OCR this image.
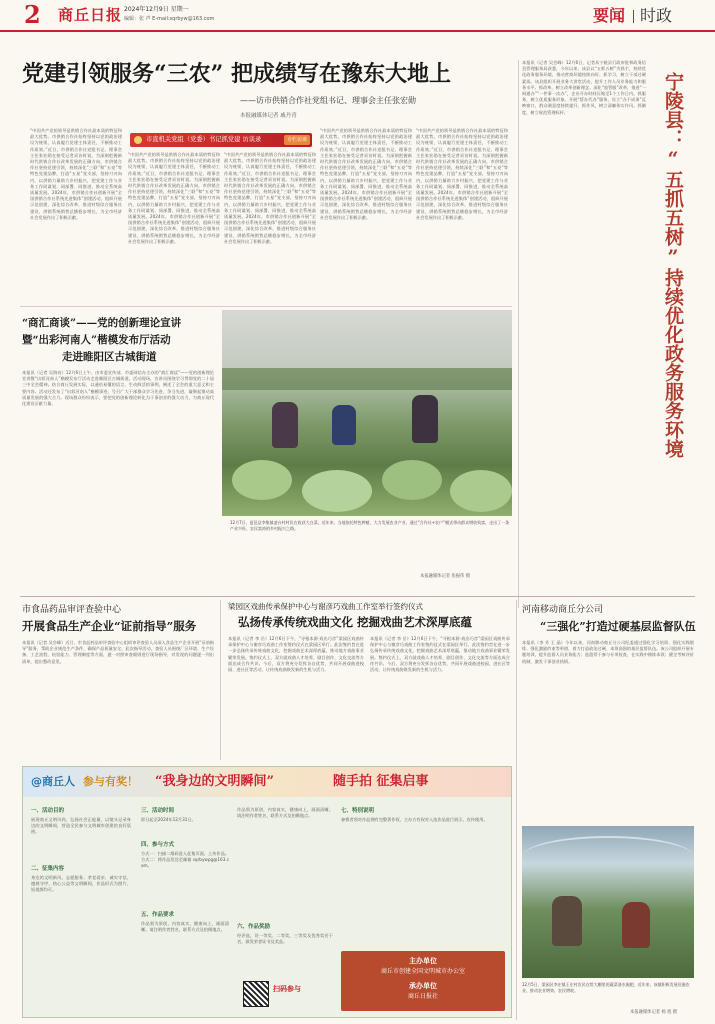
2 商丘日报 2024年12月9日 星期一
编辑：张 声 E-mail:sqrbyw@163.com	要闻 时政
党建引领服务“三农” 把成绩写在豫东大地上
——访市供销合作社党组书记、理事会主任张宏勋
本报融媒体记者 戚丹青
市直机关党组（党委）书记抓党建 访谈录	专栏访谈
“中国共产党的领导是供销合作社最本质的特征和最大优势。市供销合作社始终坚持以党的政治建设为统领，认真履行党建主体责任，不断推动工作质效。”近日，市供销合作社党组书记、理事会主任张宏勋在接受记者采访时说。为深刻把握新时代供销合作社改革发展的正确方向，市供销合作社坚持党建引领，持续深化“三联”和“五亮”等特色党建品牌，打造“五星”党支部，坚持刀刃向内，以供销力量助力乡村振兴，把党建工作与业务工作同谋划、同部署、同推进，推动全系统高质量发展。2024年，市供销合作社创新开展“全国供销合作社系统先进集体”创建活动，组织开展示范创建，深化综合改革，推进村级综合服务社建设，供销系统销售总额稳步增长，为全市经济社会发展作出了积极贡献。
“中国共产党的领导是供销合作社最本质的特征和最大优势。市供销合作社始终坚持以党的政治建设为统领，认真履行党建主体责任，不断推动工作质效。”近日，市供销合作社党组书记、理事会主任张宏勋在接受记者采访时说。为深刻把握新时代供销合作社改革发展的正确方向，市供销合作社坚持党建引领，持续深化“三联”和“五亮”等特色党建品牌，打造“五星”党支部，坚持刀刃向内，以供销力量助力乡村振兴，把党建工作与业务工作同谋划、同部署、同推进，推动全系统高质量发展。2024年，市供销合作社创新开展“全国供销合作社系统先进集体”创建活动，组织开展示范创建，深化综合改革，推进村级综合服务社建设，供销系统销售总额稳步增长，为全市经济社会发展作出了积极贡献。
“中国共产党的领导是供销合作社最本质的特征和最大优势。市供销合作社始终坚持以党的政治建设为统领，认真履行党建主体责任，不断推动工作质效。”近日，市供销合作社党组书记、理事会主任张宏勋在接受记者采访时说。为深刻把握新时代供销合作社改革发展的正确方向，市供销合作社坚持党建引领，持续深化“三联”和“五亮”等特色党建品牌，打造“五星”党支部，坚持刀刃向内，以供销力量助力乡村振兴，把党建工作与业务工作同谋划、同部署、同推进，推动全系统高质量发展。2024年，市供销合作社创新开展“全国供销合作社系统先进集体”创建活动，组织开展示范创建，深化综合改革，推进村级综合服务社建设，供销系统销售总额稳步增长，为全市经济社会发展作出了积极贡献。
“中国共产党的领导是供销合作社最本质的特征和最大优势。市供销合作社始终坚持以党的政治建设为统领，认真履行党建主体责任，不断推动工作质效。”近日，市供销合作社党组书记、理事会主任张宏勋在接受记者采访时说。为深刻把握新时代供销合作社改革发展的正确方向，市供销合作社坚持党建引领，持续深化“三联”和“五亮”等特色党建品牌，打造“五星”党支部，坚持刀刃向内，以供销力量助力乡村振兴，把党建工作与业务工作同谋划、同部署、同推进，推动全系统高质量发展。2024年，市供销合作社创新开展“全国供销合作社系统先进集体”创建活动，组织开展示范创建，深化综合改革，推进村级综合服务社建设，供销系统销售总额稳步增长，为全市经济社会发展作出了积极贡献。
“中国共产党的领导是供销合作社最本质的特征和最大优势。市供销合作社始终坚持以党的政治建设为统领，认真履行党建主体责任，不断推动工作质效。”近日，市供销合作社党组书记、理事会主任张宏勋在接受记者采访时说。为深刻把握新时代供销合作社改革发展的正确方向，市供销合作社坚持党建引领，持续深化“三联”和“五亮”等特色党建品牌，打造“五星”党支部，坚持刀刃向内，以供销力量助力乡村振兴，把党建工作与业务工作同谋划、同部署、同推进，推动全系统高质量发展。2024年，市供销合作社创新开展“全国供销合作社系统先进集体”创建活动，组织开展示范创建，深化综合改革，推进村级综合服务社建设，供销系统销售总额稳步增长，为全市经济社会发展作出了积极贡献。
本报讯（记者 吴会峰）12月6日，记者从宁陵县行政审批和政务信息管理服务局获悉，今年以来，该县以“五抓五树”为抓手，持续优化政务服务环境，推动营商环境持续向好。抓学习，树立干部过硬素质。该县组织开展业务大讲堂活动，提升工作人员业务能力和服务水平。抓改革，树立改革创新理念。深化“放管服”改革，推进“一网通办”“一件事一次办”，企业开办时间压缩至1个工作日内。抓服务，树立优质服务形象。开展“帮办代办”服务，设立“办不成事”反映窗口，群众满意度持续提升。抓作风，树立清廉务实作风。抓制度，树立规范管理标杆。	宁陵县：“五抓五树”持续优化政务服务环境
“商汇商谈”——党的创新理论宣讲
暨“出彩河南人”楷模发布厅活动
走进睢阳区古城街道
本报讯（记者 吴海亮）12月6日上午，由市委宣传部、市委网信办主办的“商汇商谈”——党的创新理论宣讲暨“出彩河南人”楷模发布厅活动走进睢阳区古城街道。活动现场，宣讲员围绕学习贯彻党的二十届三中全会精神，结合商丘发展实际，以通俗易懂的语言、生动鲜活的事例，阐述了全会的重大意义和主要内容。活动还发布了“出彩河南人”楷模事迹，号召广大干部群众学习先进、争当先进，凝聚起推动高质量发展的强大合力。现场群众纷纷表示，要把党的创新理论转化为干事创业的强大动力，为商丘现代化建设贡献力量。
12月7日，夏邑县李集镇凌台村村民在收获大白菜。近年来，当地依托特色种植，大力发展农业产业，通过“合作社+农户”模式带动群众增收致富，走出了一条产业兴旺、农民富裕的乡村振兴之路。
本报融媒体记者 张振伟 摄
市食品药品审评查验中心
开展食品生产企业“证前指导”服务
本报讯（记者 吴会峰）近日，市食品药品审评查验中心组织审评查验人员深入食品生产企业开展“证前指导”服务，帮助企业规范生产条件，确保产品质量安全。此次指导活动，查验人员围绕厂区环境、生产设备、工艺流程、检验能力、管理制度等方面，逐一对照审查细则进行现场指导，对发现的问题逐一列出清单，提出整改意见。
梁园区戏曲传承保护中心与谢彦巧戏曲工作室举行签约仪式
弘扬传承传统戏曲文化 挖掘戏曲艺术深厚底蕴
本报讯（记者 李 岳）12月6日下午，“寻根本源·戏出巧彦”梁园区戏曲传承保护中心与谢彦巧戏曲工作室签约仪式在梁园区举行。此次签约旨在进一步弘扬传承传统戏曲文化，挖掘戏曲艺术深厚底蕴，推动地方戏曲事业繁荣发展。签约仪式上，双方就戏曲人才培养、剧目创作、文化交流等方面达成合作共识。今后，双方将充分发挥各自优势，共同开展戏曲进校园、进社区等活动，让传统戏曲焕发新的生机与活力。
本报讯（记者 李 岳）12月6日下午，“寻根本源·戏出巧彦”梁园区戏曲传承保护中心与谢彦巧戏曲工作室签约仪式在梁园区举行。此次签约旨在进一步弘扬传承传统戏曲文化，挖掘戏曲艺术深厚底蕴，推动地方戏曲事业繁荣发展。签约仪式上，双方就戏曲人才培养、剧目创作、文化交流等方面达成合作共识。今后，双方将充分发挥各自优势，共同开展戏曲进校园、进社区等活动，让传统戏曲焕发新的生机与活力。
河南移动商丘分公司
“三强化”打造过硬基层监督队伍
本报讯（李 芳 王 晶）今年以来，河南移动商丘分公司纪委通过强化学习培训、强化实践锻炼、强化激励约束等举措，着力打造政治过硬、本领高强的基层监督队伍。该公司组织开展专题培训，提升监督人员业务能力；选派骨干参与专项检查，在实践中锤炼本领；健全考核评价机制，激发干事创业热情。
12月5日，梁园区李庄镇王庄村农民在给大棚里的蔬菜浇水施肥。近年来，该镇积极发展设施农业，推动农业增效、农民增收。
本报融媒体记者 杨 旭 摄
@商丘人 参与有奖！ “我身边的文明瞬间”	随手拍 征集启事
一、活动目的
展现商丘文明风尚，弘扬社会正能量，以镜头记录身边的文明瞬间，营造全民参与文明城市创建的良好氛围。
二、征集内容
身边的文明新风、志愿服务、孝老爱亲、诚实守信、遵规守序、热心公益等文明瞬间，作品形式为照片、短视频均可。
三、活动时间
即日起至2024年12月31日。
四、参与方式
方式一：扫描二维码进入征集页面，上传作品。方式二：将作品发送至邮箱 sqrbywpg@163.com。
五、作品要求
作品须为原创，内容真实，健康向上，画面清晰。请注明作者姓名、联系方式及拍摄地点。
作品须为原创，内容真实，健康向上，画面清晰。请注明作者姓名、联系方式及拍摄地点。
六、作品奖励
经评选，设一等奖、二等奖、三等奖及优秀奖若干名，颁发荣誉证书及奖品。
扫码参与
七、特别说明
参赛者须对作品拥有完整著作权，主办方有权对入选作品进行展示、宣传使用。
主办单位
商丘市创建全国文明城市办公室
承办单位
商丘日报社
